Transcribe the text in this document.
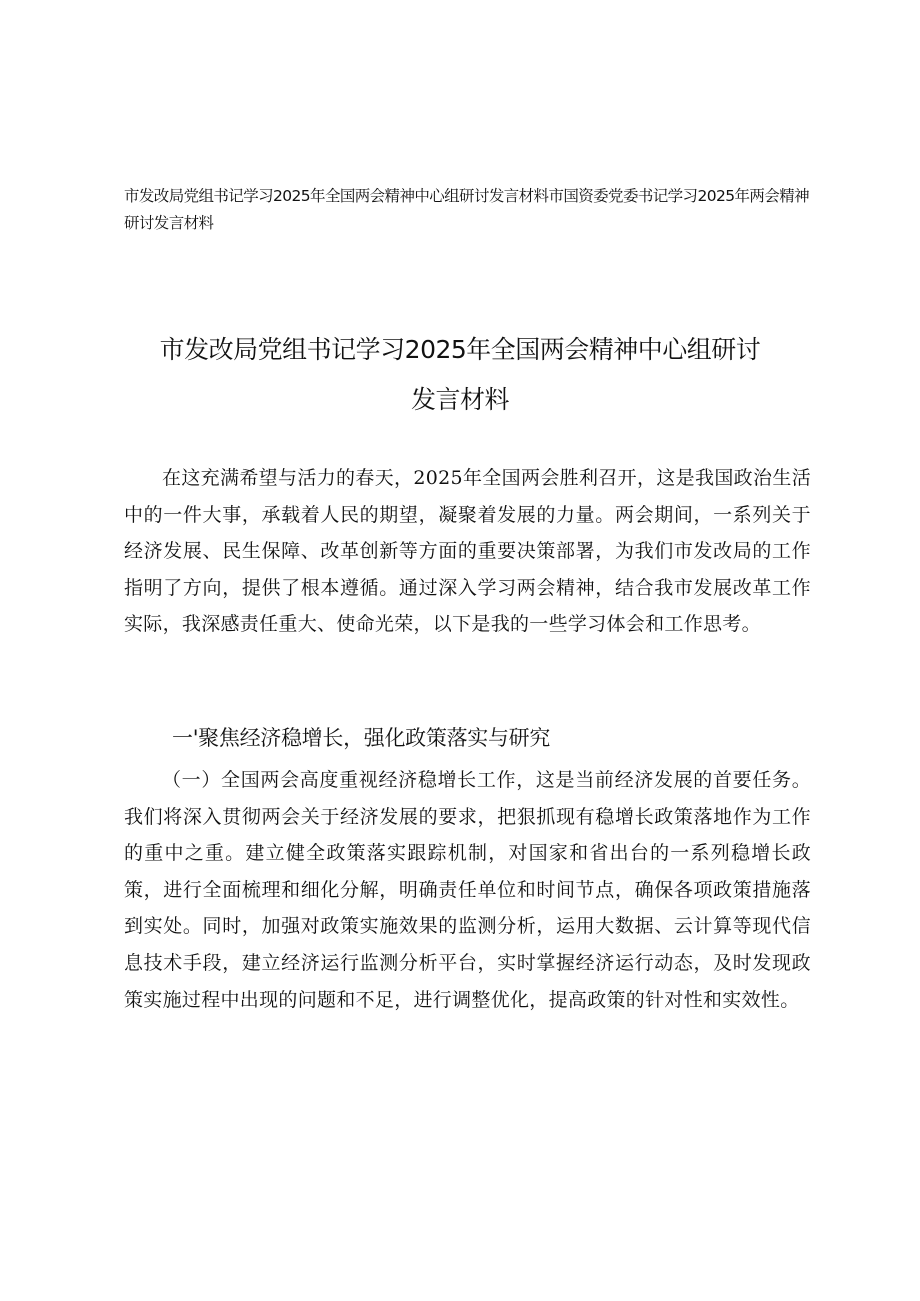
市发改局党组书记学习2025年全国两会精神中心组研讨发言材料市国资委党委书记学习2025年两会精神研讨发言材料

市发改局党组书记学习2025年全国两会精神中心组研讨
发言材料

在这充满希望与活力的春天，2025年全国两会胜利召开，这是我国政治生活中的一件大事，承载着人民的期望，凝聚着发展的力量。两会期间，一系列关于经济发展、民生保障、改革创新等方面的重要决策部署，为我们市发改局的工作指明了方向，提供了根本遵循。通过深入学习两会精神，结合我市发展改革工作实际，我深感责任重大、使命光荣，以下是我的一些学习体会和工作思考。

一'聚焦经济稳增长，强化政策落实与研究

（一）全国两会高度重视经济稳增长工作，这是当前经济发展的首要任务。我们将深入贯彻两会关于经济发展的要求，把狠抓现有稳增长政策落地作为工作的重中之重。建立健全政策落实跟踪机制，对国家和省出台的一系列稳增长政策，进行全面梳理和细化分解，明确责任单位和时间节点，确保各项政策措施落到实处。同时，加强对政策实施效果的监测分析，运用大数据、云计算等现代信息技术手段，建立经济运行监测分析平台，实时掌握经济运行动态，及时发现政策实施过程中出现的问题和不足，进行调整优化，提高政策的针对性和实效性。
